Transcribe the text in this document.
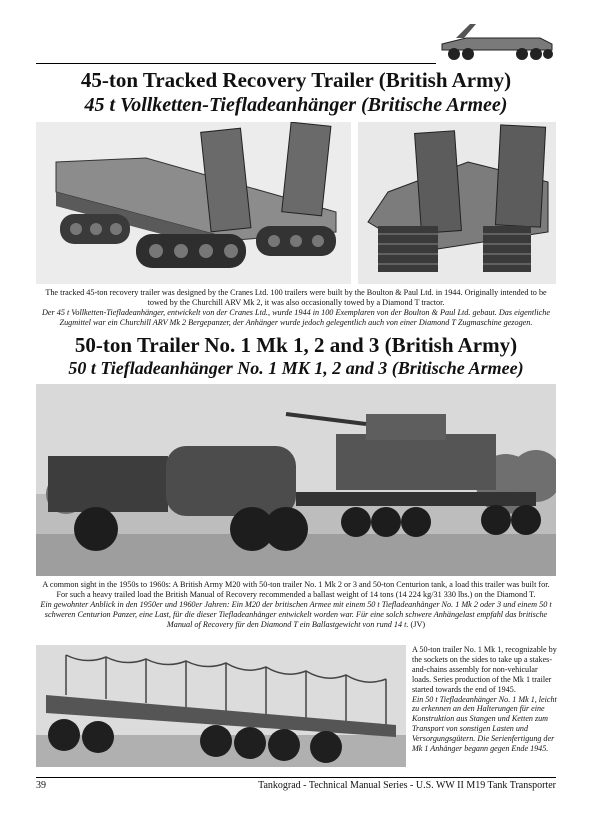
45-ton Tracked Recovery Trailer (British Army)
45 t Vollketten-Tiefladeanhänger (Britische Armee)
The tracked 45-ton recovery trailer was designed by the Cranes Ltd. 100 trailers were built by the Boulton & Paul Ltd. in 1944. Originally intended to be towed by the Churchill ARV Mk 2, it was also occasionally towed by a Diamond T tractor.
Der 45 t Vollketten-Tiefladeanhänger, entwickelt von der Cranes Ltd., wurde 1944 in 100 Exemplaren von der Boulton & Paul Ltd. gebaut. Das eigentliche Zugmittel war ein Churchill ARV Mk 2 Bergepanzer, der Anhänger wurde jedoch gelegentlich auch von einer Diamond T Zugmaschine gezogen.
50-ton Trailer No. 1 Mk 1, 2 and 3 (British Army)
50 t Tiefladeanhänger No. 1 MK 1, 2 and 3 (Britische Armee)
A common sight in the 1950s to 1960s: A British Army M20 with 50-ton trailer No. 1 Mk 2 or 3 and 50-ton Centurion tank, a load this trailer was built for. For such a heavy trailed load the British Manual of Recovery recommended a ballast weight of 14 tons (14 224 kg/31 330 lbs.) on the Diamond T.
Ein gewohnter Anblick in den 1950er und 1960er Jahren: Ein M20 der britischen Armee mit einem 50 t Tiefladeanhänger No. 1 Mk 2 oder 3 und einem 50 t schweren Centurion Panzer, eine Last, für die dieser Tiefladeanhänger entwickelt worden war. Für eine solch schwere Anhängelast empfahl das britische Manual of Recovery für den Diamond T ein Ballastgewicht von rund 14 t. (JV)
A 50-ton trailer No. 1 Mk 1, recognizable by the sockets on the sides to take up a stakes-and-chains assembly for non-vehicular loads. Series production of the Mk 1 trailer started towards the end of 1945.
Ein 50 t Tiefladeanhänger No. 1 Mk 1, leicht zu erkennen an den Halterungen für eine Konstruktion aus Stangen und Ketten zum Transport von sonstigen Lasten und Versorgungsgütern. Die Serienfertigung der Mk 1 Anhänger begann gegen Ende 1945.
39	Tankograd - Technical Manual Series - U.S. WW II M19 Tank Transporter
